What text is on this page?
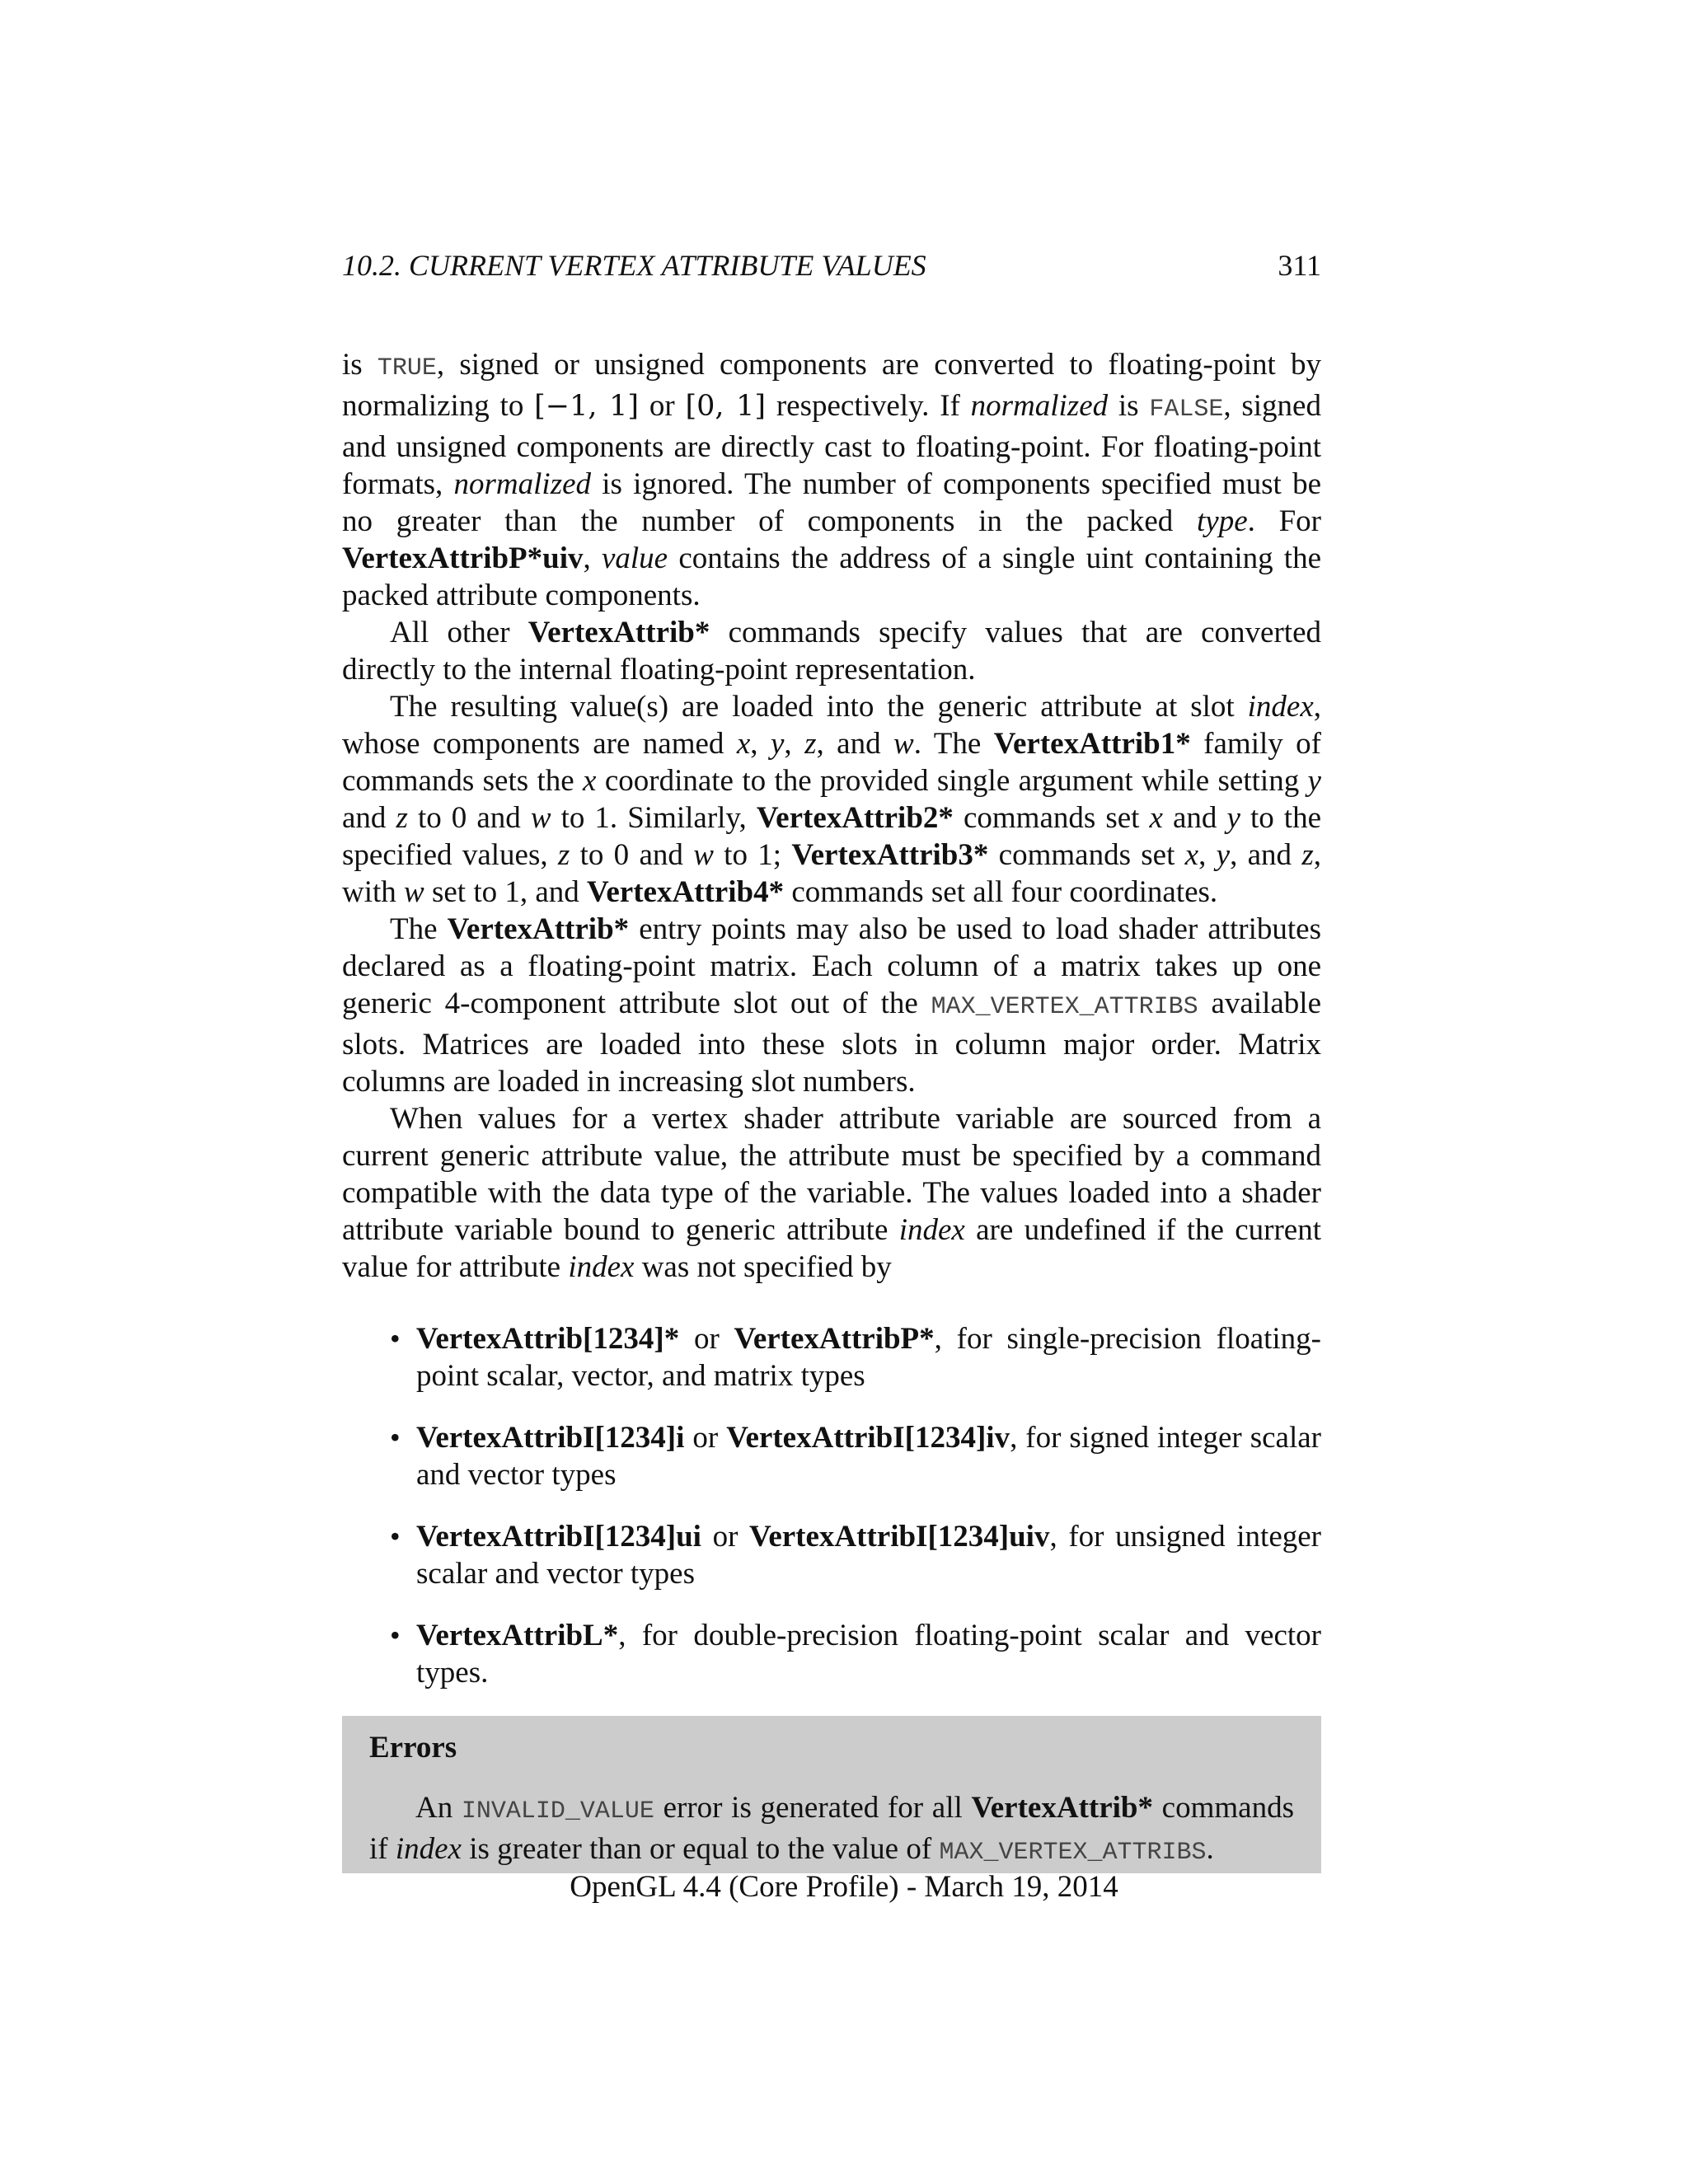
10.2. CURRENT VERTEX ATTRIBUTE VALUES	311

is TRUE, signed or unsigned components are converted to floating-point by normalizing to [−1, 1] or [0, 1] respectively. If normalized is FALSE, signed and unsigned components are directly cast to floating-point. For floating-point formats, normalized is ignored. The number of components specified must be no greater than the number of components in the packed type. For VertexAttribP*uiv, value contains the address of a single uint containing the packed attribute components.

All other VertexAttrib* commands specify values that are converted directly to the internal floating-point representation.

The resulting value(s) are loaded into the generic attribute at slot index, whose components are named x, y, z, and w. The VertexAttrib1* family of commands sets the x coordinate to the provided single argument while setting y and z to 0 and w to 1. Similarly, VertexAttrib2* commands set x and y to the specified values, z to 0 and w to 1; VertexAttrib3* commands set x, y, and z, with w set to 1, and VertexAttrib4* commands set all four coordinates.

The VertexAttrib* entry points may also be used to load shader attributes declared as a floating-point matrix. Each column of a matrix takes up one generic 4-component attribute slot out of the MAX_VERTEX_ATTRIBS available slots. Matrices are loaded into these slots in column major order. Matrix columns are loaded in increasing slot numbers.

When values for a vertex shader attribute variable are sourced from a current generic attribute value, the attribute must be specified by a command compatible with the data type of the variable. The values loaded into a shader attribute variable bound to generic attribute index are undefined if the current value for attribute index was not specified by

• VertexAttrib[1234]* or VertexAttribP*, for single-precision floating-point scalar, vector, and matrix types
• VertexAttribI[1234]i or VertexAttribI[1234]iv, for signed integer scalar and vector types
• VertexAttribI[1234]ui or VertexAttribI[1234]uiv, for unsigned integer scalar and vector types
• VertexAttribL*, for double-precision floating-point scalar and vector types.
Errors

An INVALID_VALUE error is generated for all VertexAttrib* commands if index is greater than or equal to the value of MAX_VERTEX_ATTRIBS.

OpenGL 4.4 (Core Profile) - March 19, 2014
